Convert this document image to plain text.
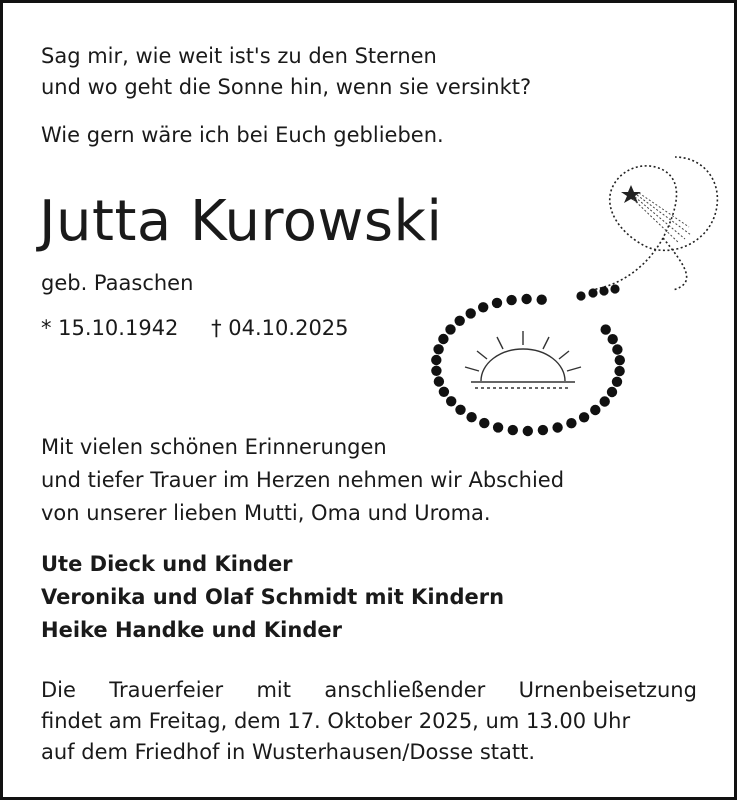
Sag mir, wie weit ist's zu den Sternen
und wo geht die Sonne hin, wenn sie versinkt?
Wie gern wäre ich bei Euch geblieben.
Jutta Kurowski
geb. Paaschen
* 15.10.1942 † 04.10.2025
Mit vielen schönen Erinnerungen
und tiefer Trauer im Herzen nehmen wir Abschied
von unserer lieben Mutti, Oma und Uroma.
Ute Dieck und Kinder
Veronika und Olaf Schmidt mit Kindern
Heike Handke und Kinder
Die Trauerfeier mit anschließender Urnenbeisetzung
findet am Freitag, dem 17. Oktober 2025, um 13.00 Uhr
auf dem Friedhof in Wusterhausen/Dosse statt.
